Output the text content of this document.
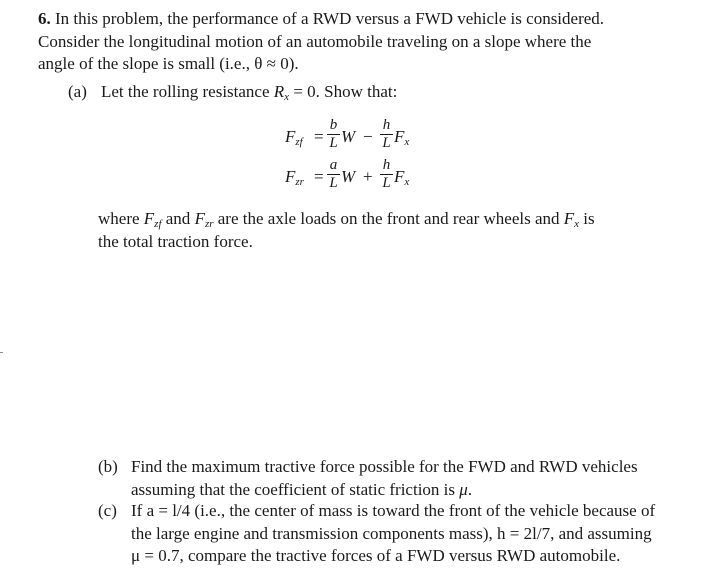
6. In this problem, the performance of a RWD versus a FWD vehicle is considered.
Consider the longitudinal motion of an automobile traveling on a slope where the
angle of the slope is small (i.e., θ ≈ 0).
(a) Let the rolling resistance $R_x = 0$. Show that:
$F_{zf} = \frac{b}{L}$ $W - \frac{h}{L} F_x$
$F_{zr} = \frac{a}{L}$ $W + \frac{h}{L} F_x$
where $F_{zf}$ and $F_{zr}$ are the axle loads on the front and rear wheels and $F_x$ is
the total traction force.
(b) Find the maximum tractive force possible for the FWD and RWD vehicles
assuming that the coefficient of static friction is μ.
(c) If a = l/4 (i.e., the center of mass is toward the front of the vehicle because of
the large engine and transmission components mass), h = 2l/7, and assuming
μ = 0.7, compare the tractive forces of a FWD versus RWD automobile.
